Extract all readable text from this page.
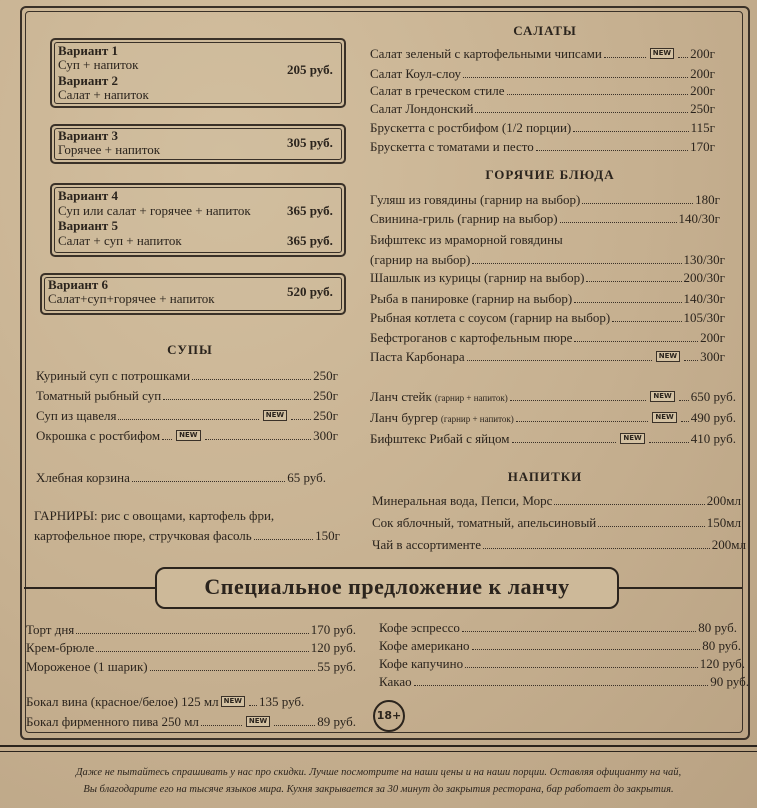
Вариант 1
Суп + напиток	205 руб.
Вариант 2
Салат + напиток
Вариант 3
Горячее + напиток	305 руб.
Вариант 4
Суп или салат + горячее + напиток	365 руб.
Вариант 5
Салат + суп + напиток	365 руб.
Вариант 6
Салат+суп+горячее + напиток	520 руб.
СУПЫ
Куриный суп с потрошками	250г
Томатный рыбный суп	250г
Суп из щавеля	NEW 250г
Окрошка с ростбифом	NEW	300г
Хлебная корзина	65 руб.
ГАРНИРЫ: рис с овощами, картофель фри,
картофельное пюре, стручковая фасоль	150г
САЛАТЫ
Салат зеленый с картофельными чипсами	NEW 200г
Салат Коул-слоу	200г
Салат в греческом стиле	200г
Салат Лондонский	250г
Брускетта с ростбифом (1/2 порции)	115г
Брускетта с томатами и песто	170г
ГОРЯЧИЕ БЛЮДА
Гуляш из говядины (гарнир на выбор)	180г
Свинина-гриль (гарнир на выбор)	140/30г
Бифштекс из мраморной говядины
(гарнир на выбор)	130/30г
Шашлык из курицы (гарнир на выбор)	200/30г
Рыба в панировке (гарнир на выбор)	140/30г
Рыбная котлета с соусом (гарнир на выбор)	105/30г
Бефстроганов с картофельным пюре	200г
Паста Карбонара	NEW 300г
Ланч стейк (гарнир + напиток)	NEW 650 руб.
Ланч бургер (гарнир + напиток)	NEW 490 руб.
Бифштекс Рибай с яйцом	NEW	410 руб.
НАПИТКИ
Минеральная вода, Пепси, Морс	200мл
Сок яблочный, томатный, апельсиновый	150мл
Чай в ассортименте	200мл
Специальное предложение к ланчу
Торт дня	170 руб.
Крем-брюле	120 руб.
Мороженое (1 шарик)	55 руб.
Бокал вина (красное/белое) 125 мл NEW 135 руб.
Бокал фирменного пива 250 мл	NEW	89 руб.
Кофе эспрессо	80 руб.
Кофе американо	80 руб.
Кофе капучино	120 руб.
Какао	90 руб.
18+
Даже не пытайтесь спрашивать у нас про скидки. Лучше посмотрите на наши цены и на наши порции. Оставляя официанту на чай,
Вы благодарите его на тысяче языков мира. Кухня закрывается за 30 минут до закрытия ресторана, бар работает до закрытия.
